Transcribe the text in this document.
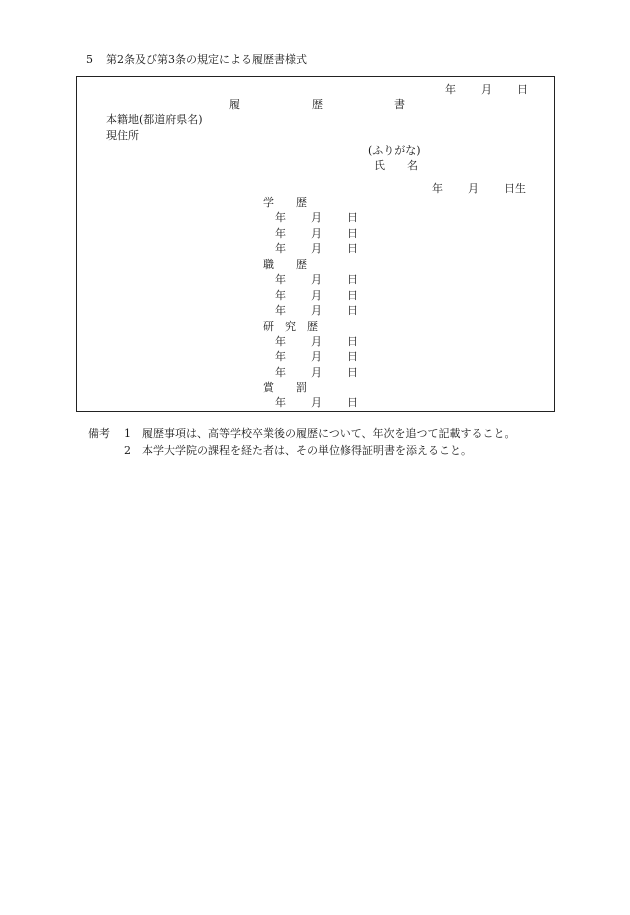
5 第2条及び第3条の規定による履歴書様式
年 月 日
履	歴	書
本籍地(都道府県名)
現住所
(ふりがな)
氏　　名
年 月 日生
学　　歴
年 月 日
年 月 日
年 月 日
職　　歴
年 月 日
年 月 日
年 月 日
研　究　歴
年 月 日
年 月 日
年 月 日
賞　　罰
年 月 日
備考 1 履歴事項は、高等学校卒業後の履歴について、年次を追つて記載すること。
2 本学大学院の課程を経た者は、その単位修得証明書を添えること。
